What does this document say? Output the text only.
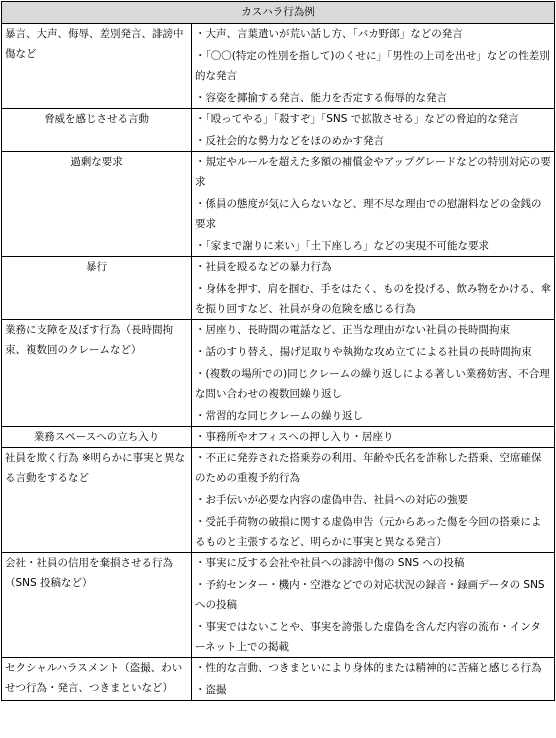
カスハラ行為例	
暴言、大声、侮辱、差別発言、誹謗中傷など	・大声、言葉遣いが荒い話し方、「バカ野郎」などの発言
・「〇〇(特定の性別を指して)のくせに」「男性の上司を出せ」などの性差別的な発言
・容姿を揶揄する発言、能力を否定する侮辱的な発言

脅威を感じさせる言動	・「殴ってやる」「殺すぞ」「SNS で拡散させる」などの脅迫的な発言
・反社会的な勢力などをほのめかす発言

過剰な要求	・規定やルールを超えた多額の補償金やアップグレードなどの特別対応の要求
・係員の態度が気に入らないなど、理不尽な理由での慰謝料などの金銭の要求
・「家まで謝りに来い」「土下座しろ」などの実現不可能な要求

暴行	・社員を殴るなどの暴力行為
・身体を押す、肩を掴む、手をはたく、ものを投げる、飲み物をかける、傘を振り回すなど、社員が身の危険を感じる行為

業務に支障を及ぼす行為（長時間拘束、複数回のクレームなど）	・居座り、長時間の電話など、正当な理由がない社員の長時間拘束
・話のすり替え、揚げ足取りや執拗な攻め立てによる社員の長時間拘束
・(複数の場所での)同じクレームの繰り返しによる著しい業務妨害、不合理な問い合わせの複数回繰り返し
・常習的な同じクレームの繰り返し

業務スペースへの立ち入り	・事務所やオフィスへの押し入り・居座り

社員を欺く行為 ※明らかに事実と異なる言動をするなど	・不正に発券された搭乗券の利用、年齢や氏名を詐称した搭乗、空席確保のための重複予約行為
・お手伝いが必要な内容の虚偽申告、社員への対応の強要
・受託手荷物の破損に関する虚偽申告（元からあった傷を今回の搭乗によるものと主張するなど、明らかに事実と異なる発言）

会社・社員の信用を棄損させる行為（SNS 投稿など）	・事実に反する会社や社員への誹謗中傷の SNS への投稿
・予約センター・機内・空港などでの対応状況の録音・録画データの SNS への投稿
・事実ではないことや、事実を誇張した虚偽を含んだ内容の流布・インターネット上での掲載

セクシャルハラスメント（盗撮、わいせつ行為・発言、つきまといなど）	・性的な言動、つきまといにより身体的または精神的に苦痛と感じる行為
・盗撮
